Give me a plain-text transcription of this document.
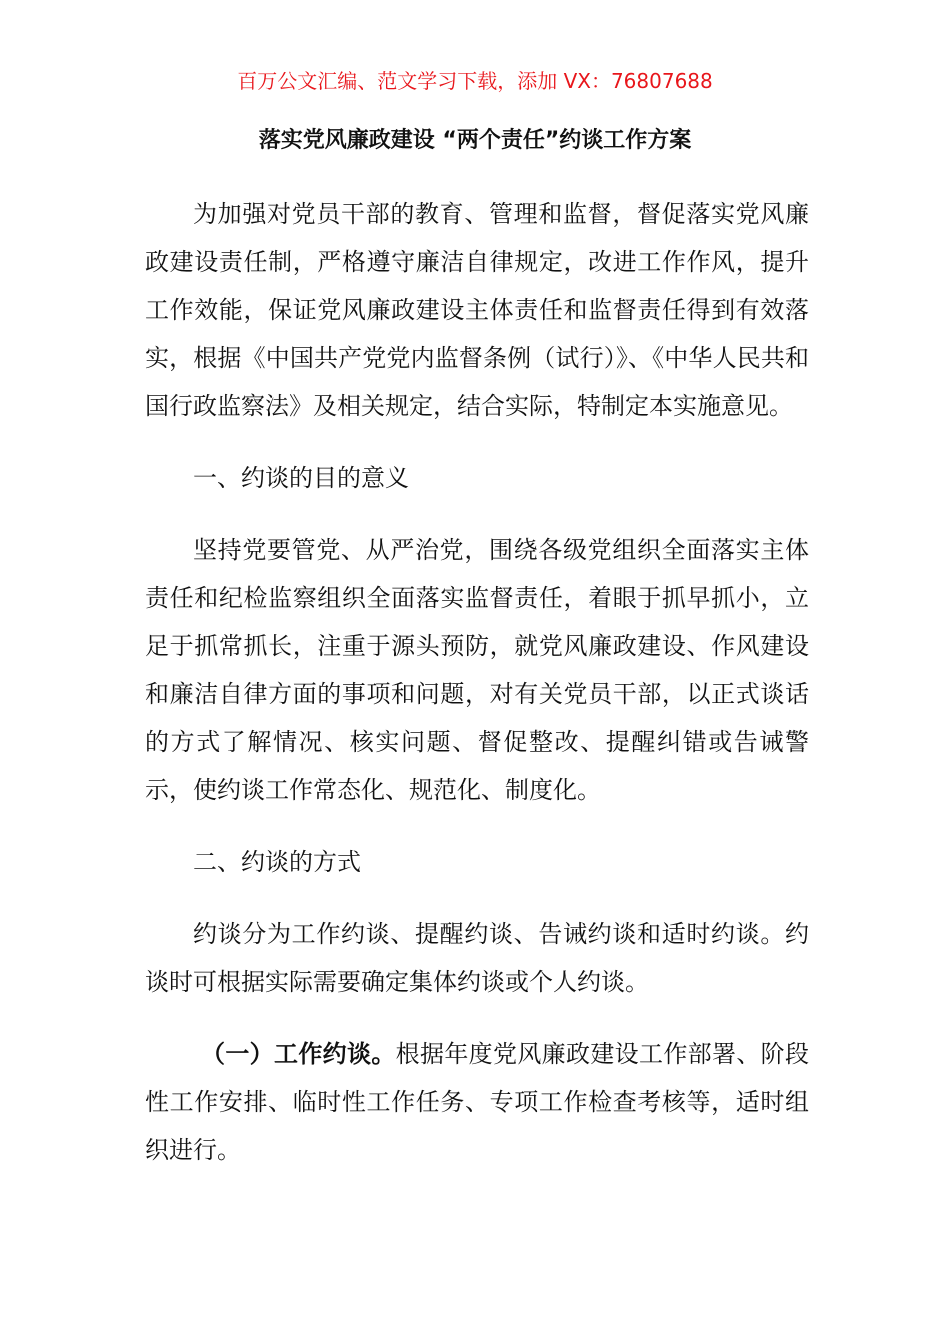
百万公文汇编、范文学习下载，添加 VX：76807688
落实党风廉政建设 “两个责任”约谈工作方案

为加强对党员干部的教育、管理和监督，督促落实党风廉政建设责任制，严格遵守廉洁自律规定，改进工作作风，提升工作效能，保证党风廉政建设主体责任和监督责任得到有效落实，根据《中国共产党党内监督条例（试行）》、《中华人民共和国行政监察法》及相关规定，结合实际，特制定本实施意见。

一、约谈的目的意义

坚持党要管党、从严治党，围绕各级党组织全面落实主体责任和纪检监察组织全面落实监督责任，着眼于抓早抓小，立足于抓常抓长，注重于源头预防，就党风廉政建设、作风建设和廉洁自律方面的事项和问题，对有关党员干部，以正式谈话的方式了解情况、核实问题、督促整改、提醒纠错或告诫警示，使约谈工作常态化、规范化、制度化。

二、约谈的方式

约谈分为工作约谈、提醒约谈、告诫约谈和适时约谈。约谈时可根据实际需要确定集体约谈或个人约谈。

（一）工作约谈。根据年度党风廉政建设工作部署、阶段性工作安排、临时性工作任务、专项工作检查考核等，适时组织进行。
